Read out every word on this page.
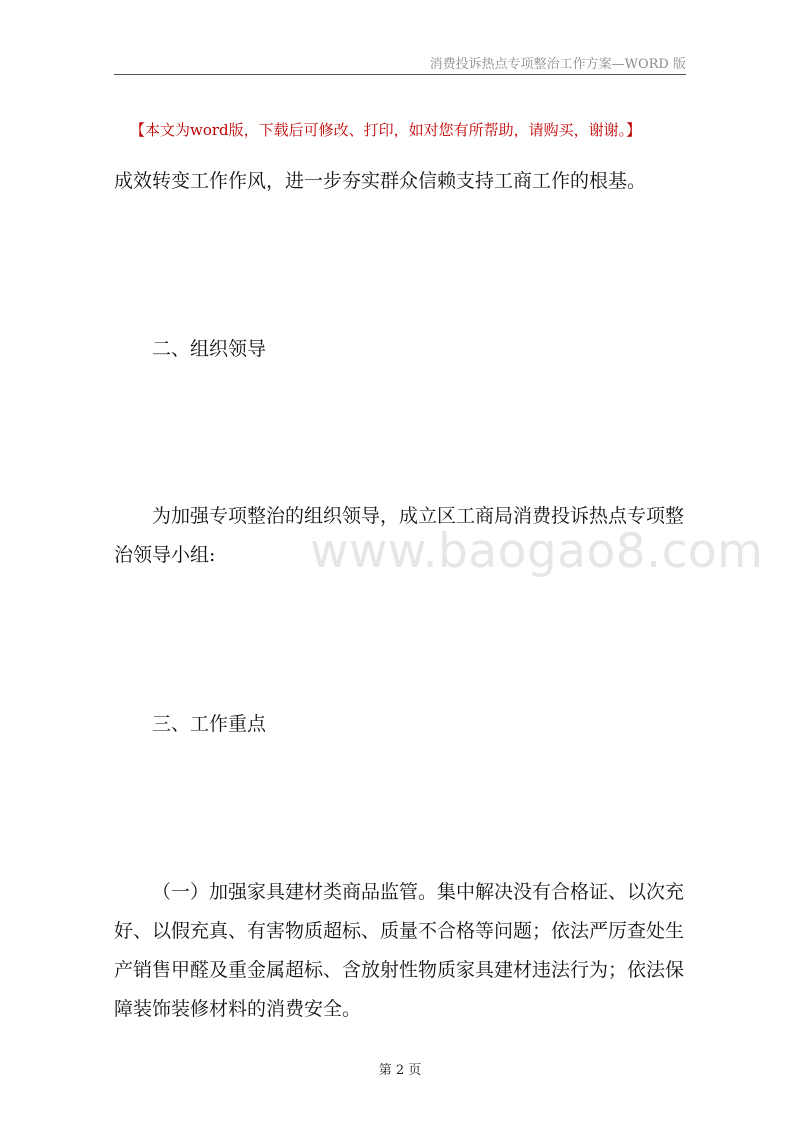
消费投诉热点专项整治工作方案—WORD 版
【本文为word版，下载后可修改、打印，如对您有所帮助，请购买，谢谢。】
成效转变工作作风，进一步夯实群众信赖支持工商工作的根基。
二、组织领导
为加强专项整治的组织领导，成立区工商局消费投诉热点专项整治领导小组:	www.baogao8.com
三、工作重点
（一）加强家具建材类商品监管。集中解决没有合格证、以次充好、以假充真、有害物质超标、质量不合格等问题；依法严厉查处生产销售甲醛及重金属超标、含放射性物质家具建材违法行为；依法保障装饰装修材料的消费安全。
第 2 页
